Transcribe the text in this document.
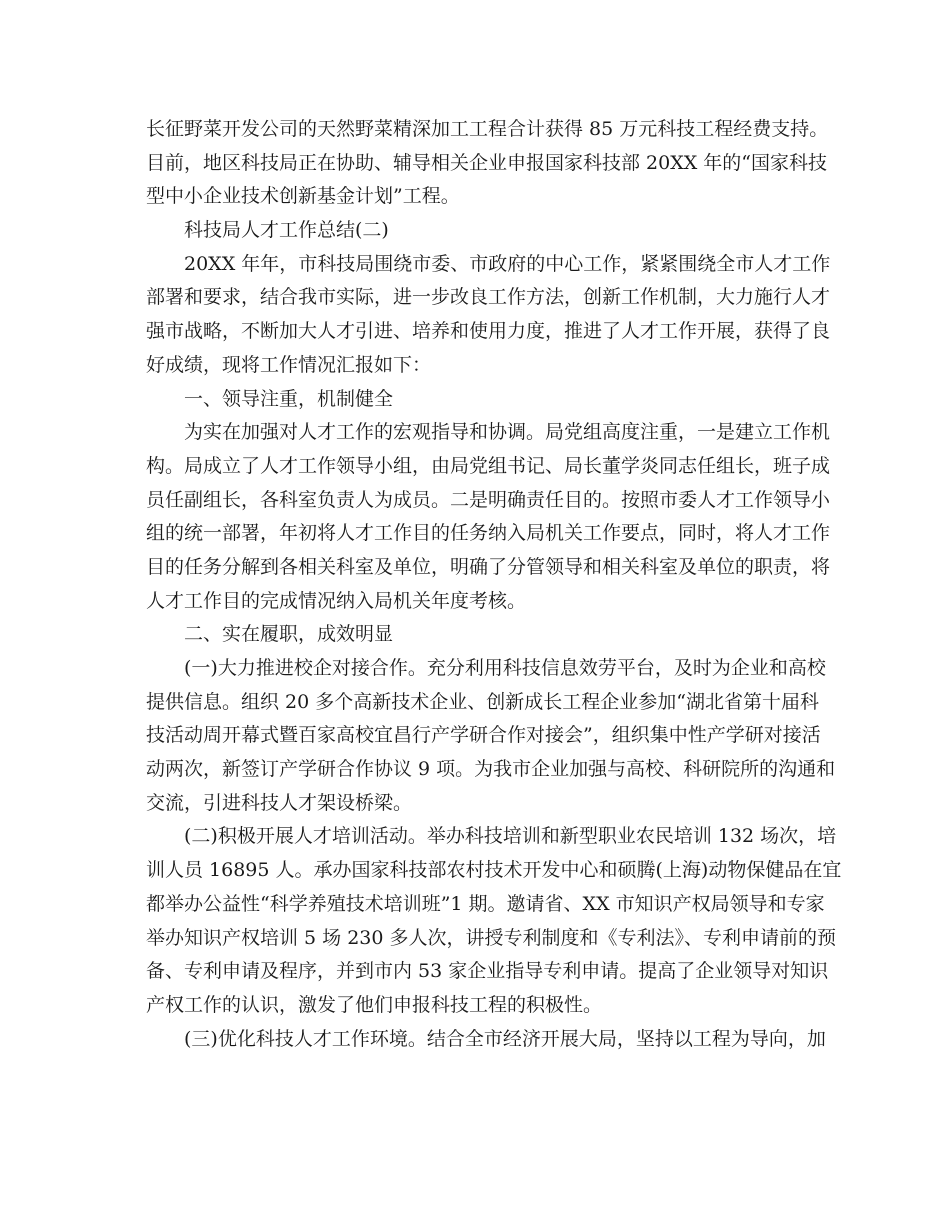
长征野菜开发公司的天然野菜精深加工工程合计获得 85 万元科技工程经费支持。
目前，地区科技局正在协助、辅导相关企业申报国家科技部 20XX 年的“国家科技
型中小企业技术创新基金计划”工程。
科技局人才工作总结(二)
20XX 年年，市科技局围绕市委、市政府的中心工作，紧紧围绕全市人才工作
部署和要求，结合我市实际，进一步改良工作方法，创新工作机制，大力施行人才
强市战略，不断加大人才引进、培养和使用力度，推进了人才工作开展，获得了良
好成绩，现将工作情况汇报如下：
一、领导注重，机制健全
为实在加强对人才工作的宏观指导和协调。局党组高度注重，一是建立工作机
构。局成立了人才工作领导小组，由局党组书记、局长董学炎同志任组长，班子成
员任副组长，各科室负责人为成员。二是明确责任目的。按照市委人才工作领导小
组的统一部署，年初将人才工作目的任务纳入局机关工作要点，同时，将人才工作
目的任务分解到各相关科室及单位，明确了分管领导和相关科室及单位的职责，将
人才工作目的完成情况纳入局机关年度考核。
二、实在履职，成效明显
(一)大力推进校企对接合作。充分利用科技信息效劳平台，及时为企业和高校
提供信息。组织 20 多个高新技术企业、创新成长工程企业参加“湖北省第十届科
技活动周开幕式暨百家高校宜昌行产学研合作对接会”，组织集中性产学研对接活
动两次，新签订产学研合作协议 9 项。为我市企业加强与高校、科研院所的沟通和
交流，引进科技人才架设桥梁。
(二)积极开展人才培训活动。举办科技培训和新型职业农民培训 132 场次，培
训人员 16895 人。承办国家科技部农村技术开发中心和硕腾(上海)动物保健品在宜
都举办公益性“科学养殖技术培训班”1 期。邀请省、XX 市知识产权局领导和专家
举办知识产权培训 5 场 230 多人次，讲授专利制度和《专利法》、专利申请前的预
备、专利申请及程序，并到市内 53 家企业指导专利申请。提高了企业领导对知识
产权工作的认识，激发了他们申报科技工程的积极性。
(三)优化科技人才工作环境。结合全市经济开展大局，坚持以工程为导向，加
